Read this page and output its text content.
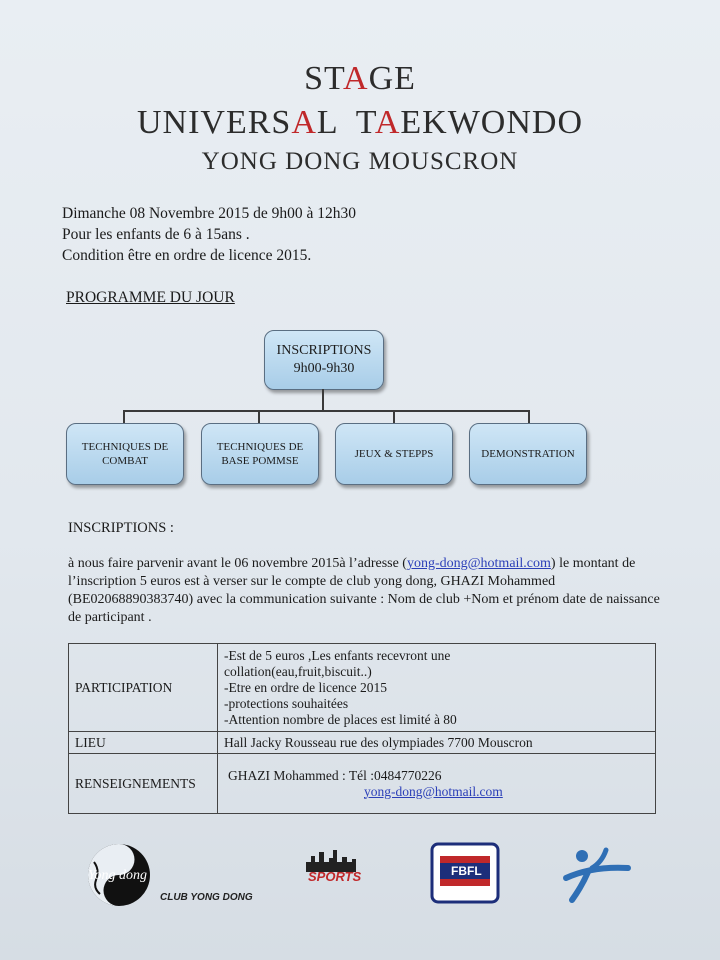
STAGE
UNIVERSAL  TAEKWONDO
YONG DONG MOUSCRON
Dimanche 08 Novembre 2015 de 9h00 à 12h30
Pour les enfants de 6 à 15ans .
Condition être en ordre de licence 2015.
PROGRAMME DU JOUR
INSCRIPTIONS
9h00-9h30
TECHNIQUES DE
COMBAT
TECHNIQUES DE
BASE POMMSE
JEUX & STEPPS	DEMONSTRATION
INSCRIPTIONS :
à nous faire parvenir avant le 06 novembre 2015à l’adresse (yong-dong@hotmail.com) le montant de l’inscription 5 euros est à verser sur le compte de club yong dong, GHAZI Mohammed (BE02068890383740) avec la communication suivante : Nom de club +Nom et prénom date de naissance de participant .
PARTICIPATION	-Est de 5 euros ,Les enfants recevront une
collation(eau,fruit,biscuit..)
-Etre en ordre de licence 2015
-protections souhaitées
-Attention nombre de places est limité à 80

LIEU	Hall Jacky Rousseau rue des olympiades 7700 Mouscron
RENSEIGNEMENTS	GHAZI Mohammed : Tél :0484770226
yong-dong@hotmail.com
Yong dong
CLUB YONG DONG
SPORTS	FBFL
